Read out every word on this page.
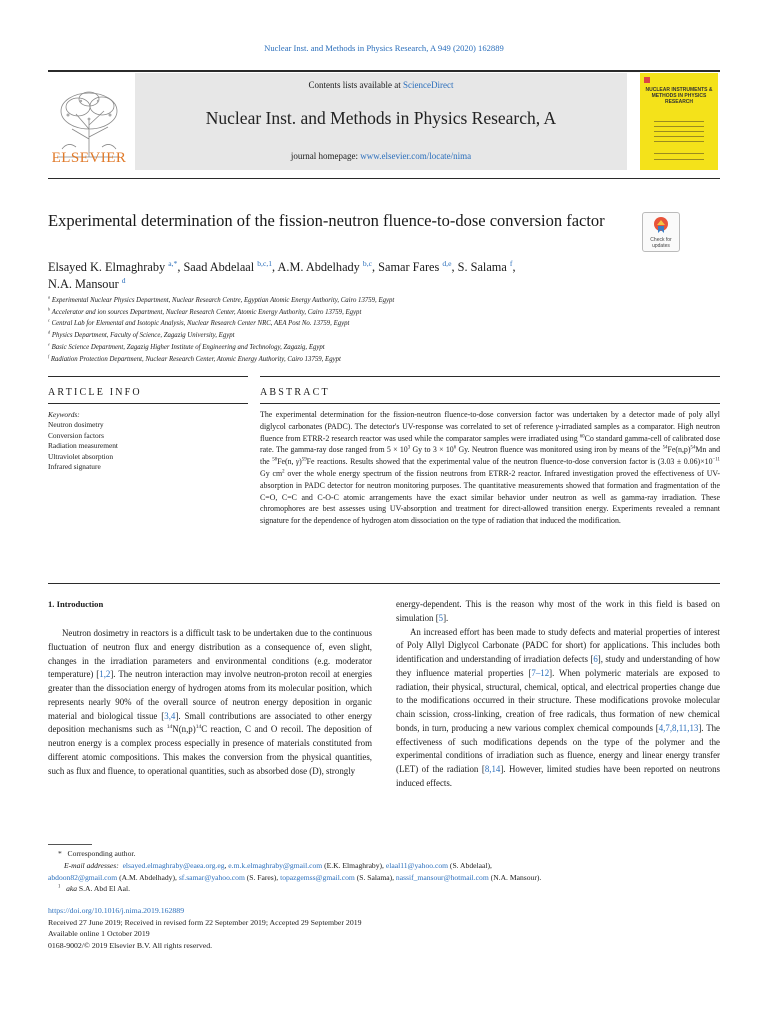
Nuclear Inst. and Methods in Physics Research, A 949 (2020) 162889
ELSEVIER
Contents lists available at ScienceDirect
Nuclear Inst. and Methods in Physics Research, A
journal homepage: www.elsevier.com/locate/nima
NUCLEAR INSTRUMENTS & METHODS IN PHYSICS RESEARCH
Experimental determination of the fission-neutron fluence-to-dose conversion factor
Check for updates
Elsayed K. Elmaghraby $^{a,*}$, Saad Abdelaal $^{b,c,1}$, A.M. Abdelhady $^{b,c}$, Samar Fares $^{d,e}$, S. Salama $^f$,
N.A. Mansour $^d$
$^a$ Experimental Nuclear Physics Department, Nuclear Research Centre, Egyptian Atomic Energy Authority, Cairo 13759, Egypt
$^b$ Accelerator and ion sources Department, Nuclear Research Center, Atomic Energy Authority, Cairo 13759, Egypt
$^c$ Central Lab for Elemental and Isotopic Analysis, Nuclear Research Center NRC, AEA Post No. 13759, Egypt
$^d$ Physics Department, Faculty of Science, Zagazig University, Egypt
$^e$ Basic Science Department, Zagazig Higher Institute of Engineering and Technology, Zagazig, Egypt
$^f$ Radiation Protection Department, Nuclear Research Center, Atomic Energy Authority, Cairo 13759, Egypt
ARTICLE INFO	ABSTRACT
Keywords:
Neutron dosimetry
Conversion factors
Radiation measurement
Ultraviolet absorption
Infrared signature
The experimental determination for the fission-neutron fluence-to-dose conversion factor was undertaken by a detector made of poly allyl diglycol carbonates (PADC). The detector's UV-response was correlated to set of reference γ-irradiated samples as a comparator. High neutron fluence from ETRR-2 research reactor was used while the comparator samples were irradiated using $^{60}$Co standard gamma-cell of calibrated dose rate. The gamma-ray dose ranged from $5 \times 10^3$ Gy to $3 \times 10^6$ Gy. Neutron fluence was monitored using iron by means of the $^{54}Fe(n,p)^{54}Mn$ and the $^{58}$Fe(n, γ)$^{59}$Fe reactions. Results showed that the experimental value of the neutron fluence-to-dose conversion factor is $(3.03 \pm 0.06)\times 10^{-11}$ Gy $cm^2$ over the whole energy spectrum of the fission neutrons from ETRR-2 reactor. Infrared investigation proved the effectiveness of UV-absorption in PADC detector for neutron monitoring purposes. The quantitative measurements showed that formation and fragmentation of the C=O, C=C and C-O-C atomic arrangements have the exact similar behavior under neutron as well as gamma-ray irradiation. These chromophores are best assesses using UV-absorption and treatment for direct-allowed transition energy. Experiments revealed a remnant signature for the dependence of hydrogen atom dissociation on the type of radiation that induced the modification.
1. Introduction

Neutron dosimetry in reactors is a difficult task to be undertaken due to the continuous fluctuation of neutron flux and energy distribution as a consequence of, even slight, changes in the irradiation parameters and environmental conditions (e.g. moderator temperature) [1,2]. The neutron interaction may involve neutron-proton recoil at energies greater than the dissociation energy of hydrogen atoms from its molecular position, which represents nearly 90% of the overall source of neutron energy deposition in organic material and biological tissue [3,4]. Small contributions are associated to other energy deposition mechanisms such as $^{14}N(n,p)^{14}C$ reaction, C and O recoil. The deposition of neutron energy is a complex process especially in presence of materials constituted from different atomic compositions. This makes the conversion from the physical quantities, such as flux and fluence, to operational quantities, such as absorbed dose (D), strongly

energy-dependent. This is the reason why most of the work in this field is based on simulation [5].

An increased effort has been made to study defects and material properties of interest of Poly Allyl Diglycol Carbonate (PADC for short) for applications. This includes both identification and understanding of irradiation defects [6], study and understanding of how they influence material properties [7–12]. When polymeric materials are exposed to radiation, their physical, structural, chemical, optical, and electrical properties change due to the modifications occurred in their structure. These modifications provoke molecular chain scission, cross-linking, creation of free radicals, thus formation of new chemical bonds, in turn, producing a new various complex chemical compounds [4,7,8,11,13]. The effectiveness of such modifications depends on the type of the polymer and the experimental conditions of irradiation such as fluence, energy and linear energy transfer (LET) of the radiation [8,14]. However, limited studies have been reported on neutrons induced effects.

* Corresponding author.
E-mail addresses: elsayed.elmaghraby@eaea.org.eg, e.m.k.elmaghraby@gmail.com (E.K. Elmaghraby), elaal11@yahoo.com (S. Abdelaal),
abdoon82@gmail.com (A.M. Abdelhady), sf.samar@yahoo.com (S. Fares), topazgemss@gmail.com (S. Salama), nassif_mansour@hotmail.com (N.A. Mansour).
$^1$ aka S.A. Abd El Aal.
https://doi.org/10.1016/j.nima.2019.162889
Received 27 June 2019; Received in revised form 22 September 2019; Accepted 29 September 2019
Available online 1 October 2019
0168-9002/© 2019 Elsevier B.V. All rights reserved.
